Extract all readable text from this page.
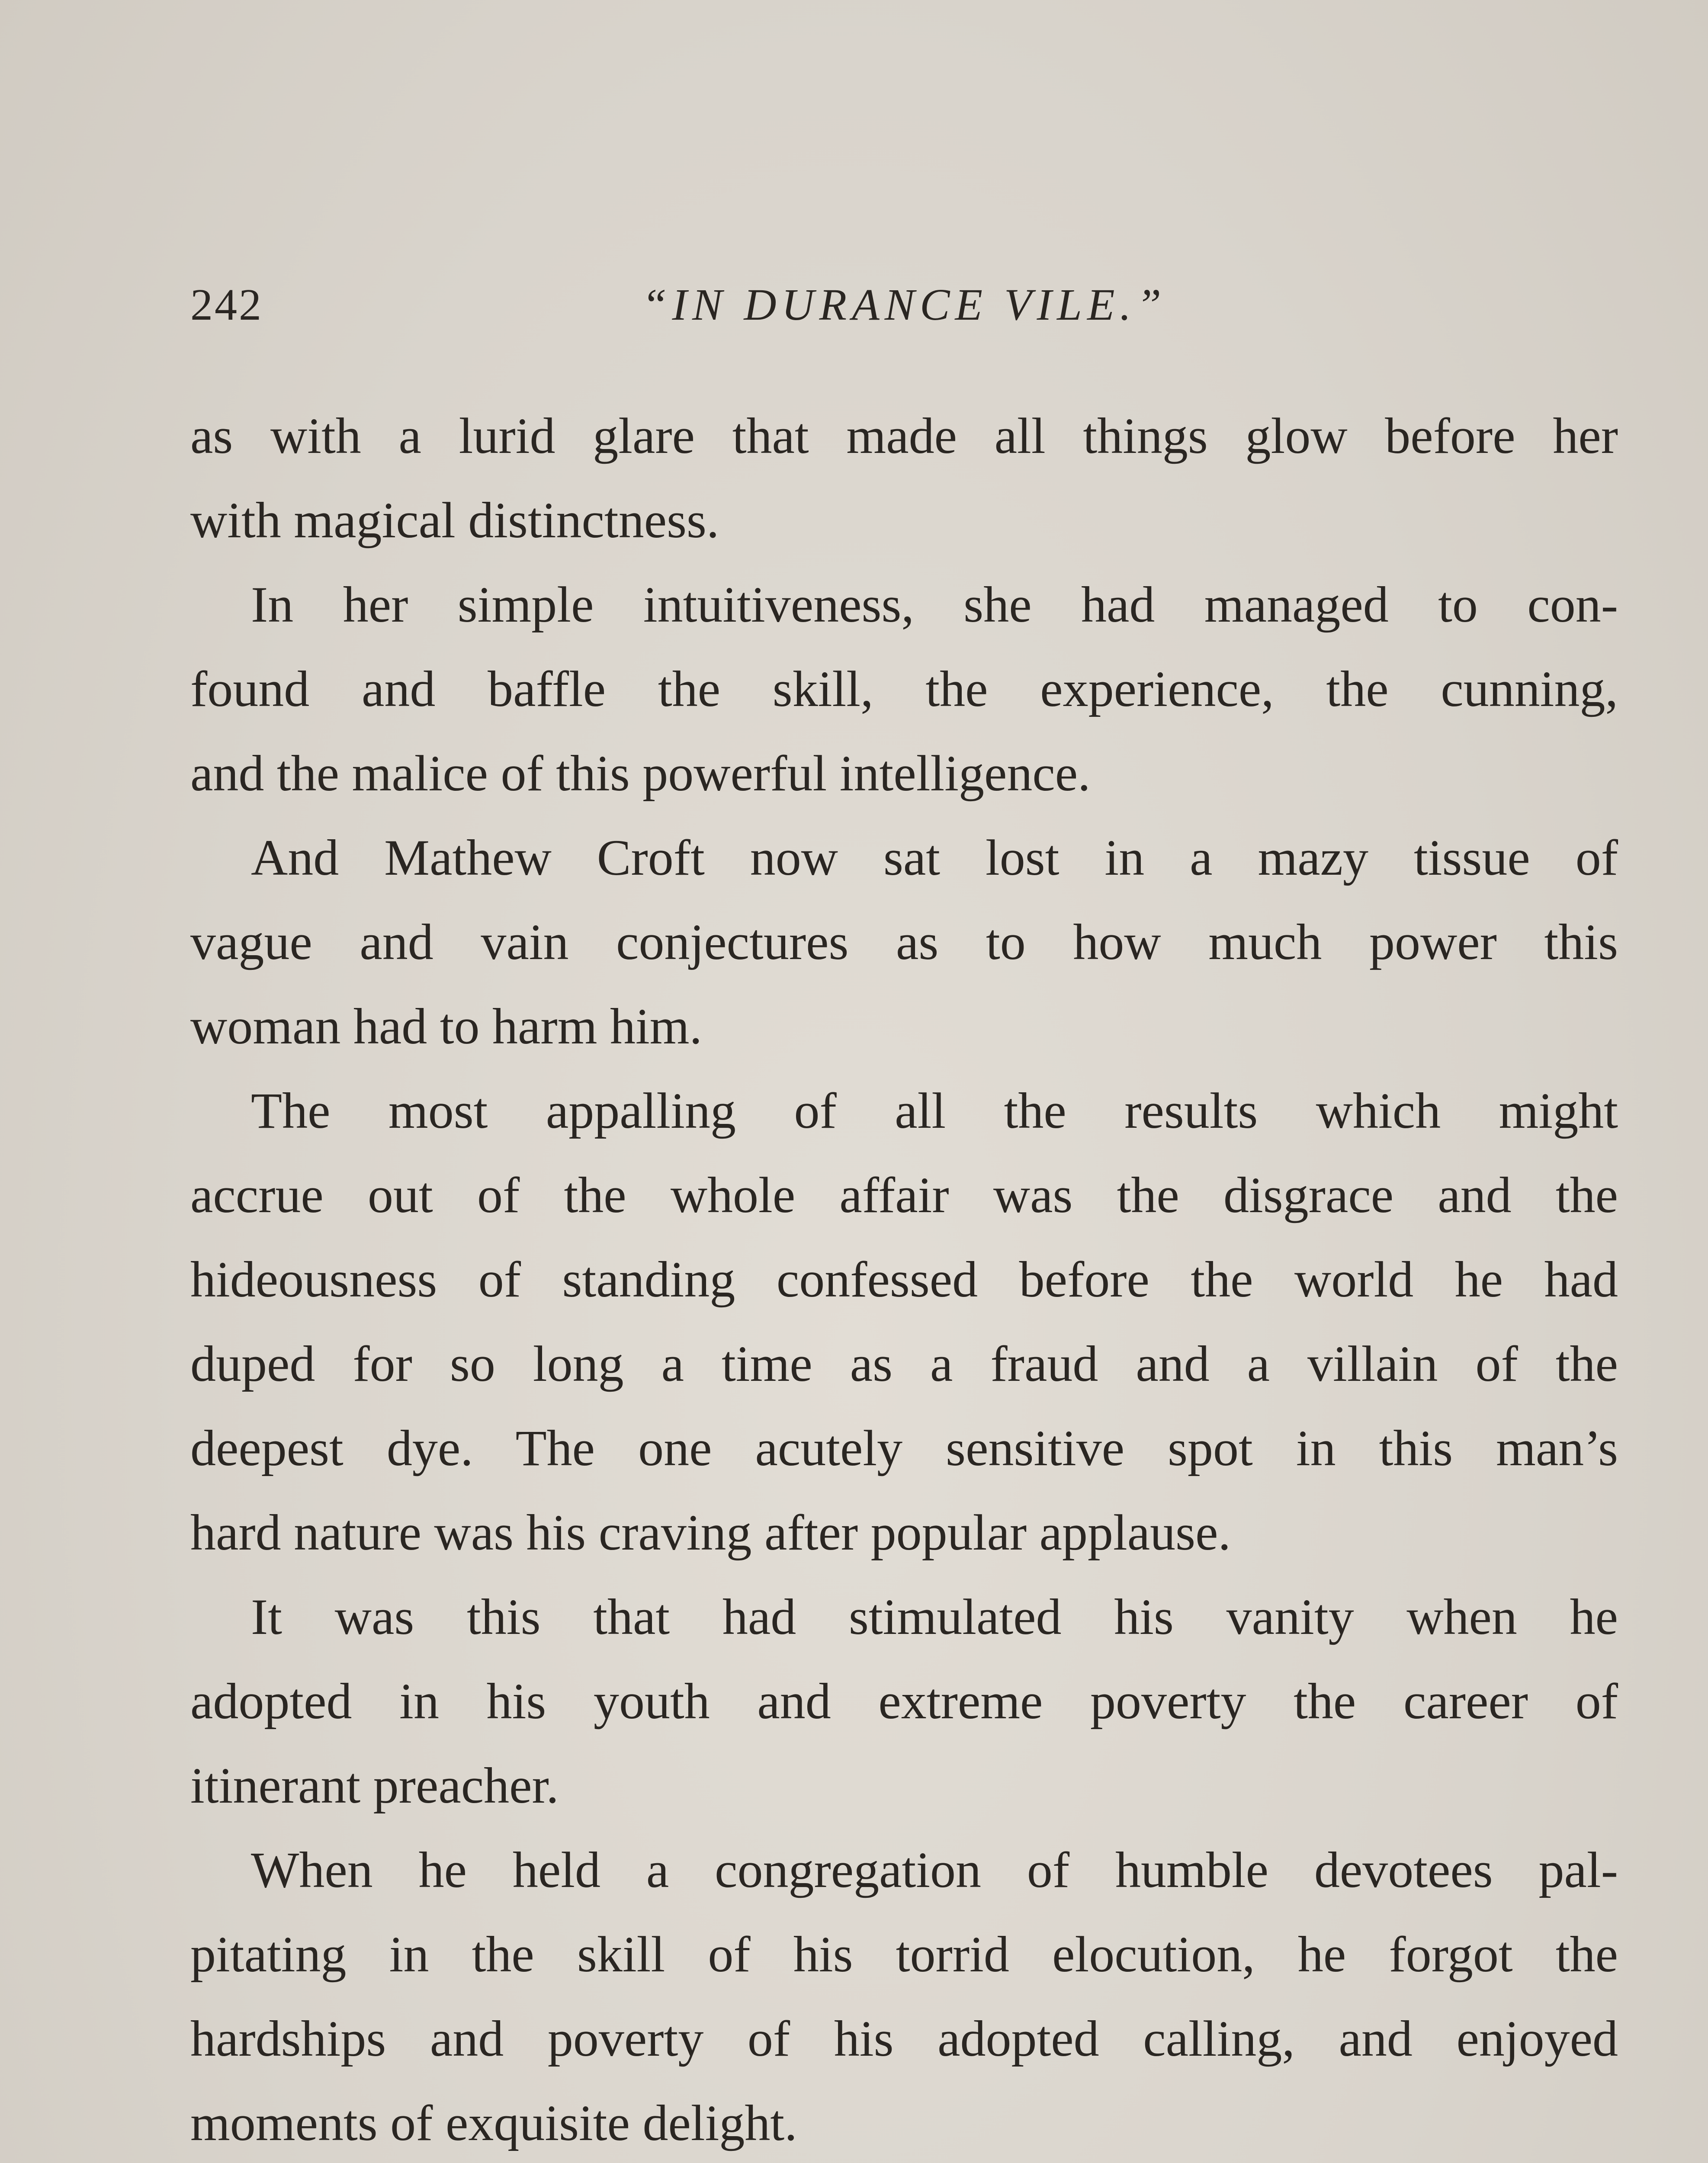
242	“IN DURANCE VILE.”
as with a lurid glare that made all things glow before her
with magical distinctness.
In her simple intuitiveness, she had managed to con-
found and baffle the skill, the experience, the cunning,
and the malice of this powerful intelligence.
And Mathew Croft now sat lost in a mazy tissue of
vague and vain conjectures as to how much power this
woman had to harm him.
The most appalling of all the results which might
accrue out of the whole affair was the disgrace and the
hideousness of standing confessed before the world he had
duped for so long a time as a fraud and a villain of the
deepest dye. The one acutely sensitive spot in this man’s
hard nature was his craving after popular applause.
It was this that had stimulated his vanity when he
adopted in his youth and extreme poverty the career of
itinerant preacher.
When he held a congregation of humble devotees pal-
pitating in the skill of his torrid elocution, he forgot the
hardships and poverty of his adopted calling, and enjoyed
moments of exquisite delight.
